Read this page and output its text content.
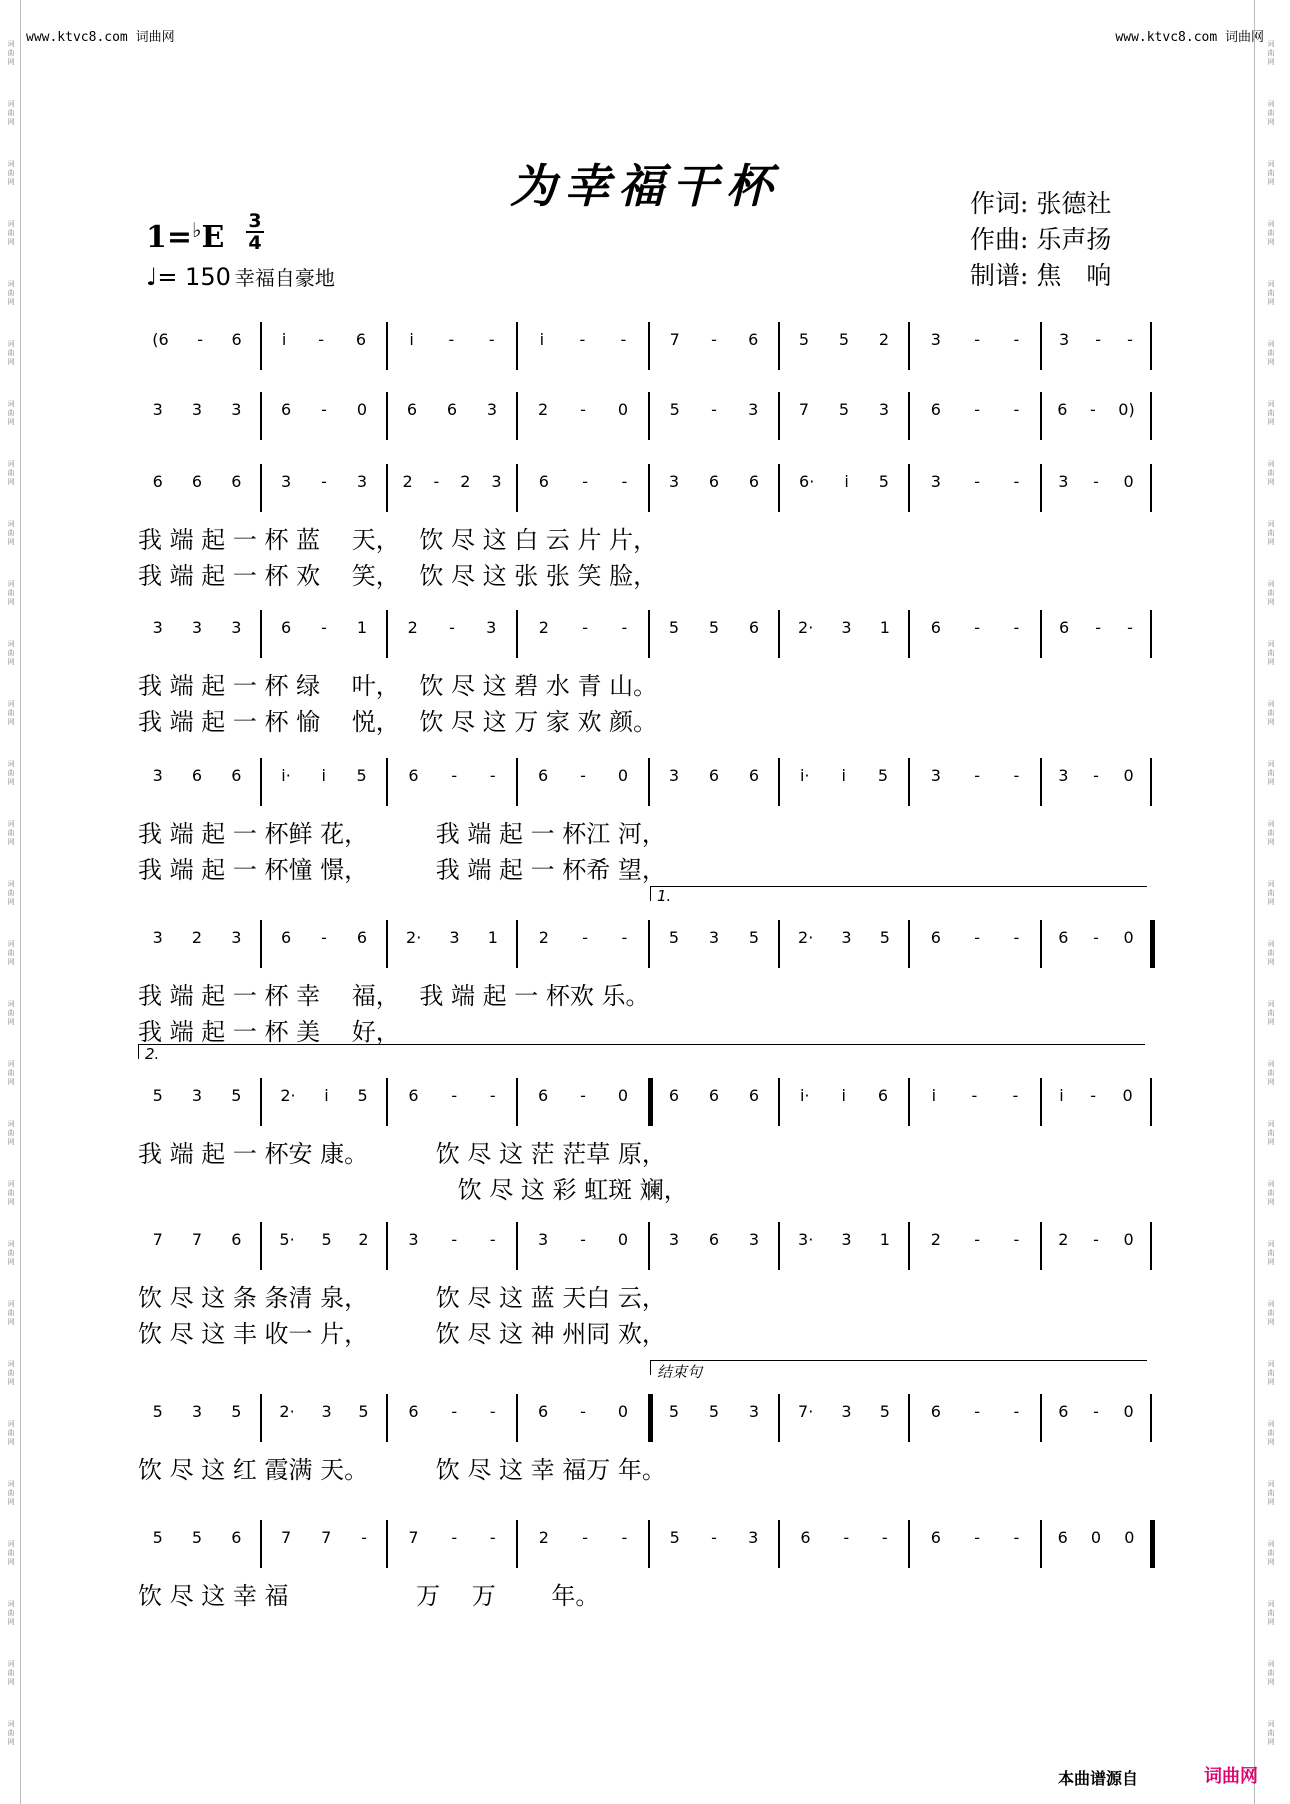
www.ktvc8.com 词曲网	www.ktvc8.com 词曲网
为幸福干杯	作词: 张德社
作曲: 乐声扬
制谱: 焦　响
1=♭E 3
4
♩= 150 幸福自豪地
(6 - 6	i - 6	i - -	i - -	7 - 6	5 5 2	3 - - 3 - -
3 3 3 6 - 0 6 6 3	2 - 0	5 - 3	7 5 3	6 - - 6 - 0)
6 6 6 3 - 3 2 - 2 3 6 - -	3 6 6 6· i 5	3 - - 3 - 0
我 端 起 一 杯 蓝　 天，　 饮 尽 这 白 云 片 片，
我 端 起 一 杯 欢　 笑，　 饮 尽 这 张 张 笑 脸，
3 3 3 6 - 1	2 - 3	2 - -	5 5 6 2· 3 1	6 - - 6 - -
我 端 起 一 杯 绿　 叶，　 饮 尽 这 碧 水 青 山。
我 端 起 一 杯 愉　 悦，　 饮 尽 这 万 家 欢 颜。
3 6 6 i· i 5	6 - -	6 - 0	3 6 6	i· i 5	3 - - 3 - 0
我 端 起 一 杯鲜 花，　　　 我 端 起 一 杯江 河，
我 端 起 一 杯憧 憬，　　　 我 端 起 一 杯希 望，
3 2 3 6 - 6 2· 3 1	2 - -	5 3 5 2· 3 5	6 - - 6 - 0
1.
我 端 起 一 杯 幸　 福，　 我 端 起 一 杯欢 乐。
我 端 起 一 杯 美　 好，
5 3 5 2· i 5	6 - -	6 - 0	6 6 6	i· i 6	i - -	i - 0
2.
我 端 起 一 杯安 康。　　　 饮 尽 这 茫 茫草 原，
　　　　　　　　　　　　　 饮 尽 这 彩 虹斑 斓，
7 7 6 5· 5 2 3 - -	3 - 0	3 6 3 3· 3 1	2 - - 2 - 0
饮 尽 这 条 条清 泉，　　　 饮 尽 这 蓝 天白 云，
饮 尽 这 丰 收一 片，　　　 饮 尽 这 神 州同 欢，
5 3 5 2· 3 5 6 - -	6 - 0	5 5 3 7· 3 5	6 - - 6 - 0
结束句
饮 尽 这 红 霞满 天。　　　 饮 尽 这 幸 福万 年。
5 5 6 7 7 -	7 - -	2 - -	5 - 3	6 - -	6 - - 6 0 0
饮 尽 这 幸 福　　　　　 万　 万　　 年。
本曲谱源自	词曲网
词
曲
网
词
曲
网
词
曲
网
词
曲
网
词
曲
网
词
曲
网
词
曲
网
词
曲
网
词
曲
网
词
曲
网
词
曲
网
词
曲
网
词
曲
网
词
曲
网
词
曲
网
词
曲
网
词
曲
网
词
曲
网
词
曲
网
词
曲
网
词
曲
网
词
曲
网
词
曲
网
词
曲
网
词
曲
网
词
曲
网
词
曲
网
词
曲
网
词
曲
网
词
曲
网
词
曲
网
词
曲
网
词
曲
网
词
曲
网
词
曲
网
词
曲
网
词
曲
网
词
曲
网
词
曲
网
词
曲
网
词
曲
网
词
曲
网
词
曲
网
词
曲
网
词
曲
网
词
曲
网
词
曲
网
词
曲
网
词
曲
网
词
曲
网
词
曲
网
词
曲
网
词
曲
网
词
曲
网
词
曲
网
词
曲
网
词
曲
网
词
曲
网
